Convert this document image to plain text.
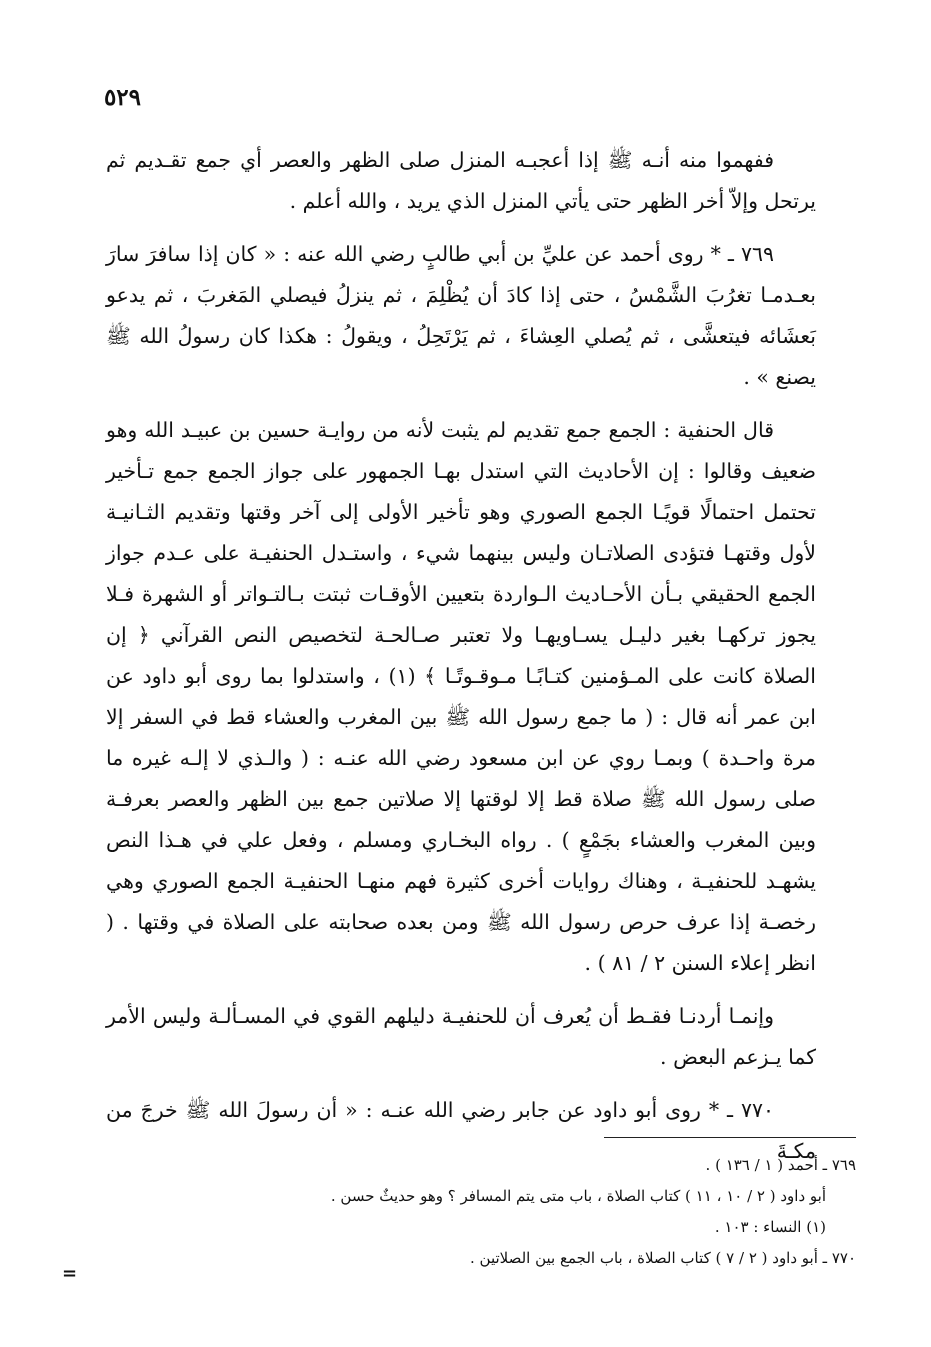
٥٢٩

ففهموا منه أنـه ﷺ إذا أعجبـه المنزل صلى الظهر والعصر أي جمع تقـديم ثم يرتحل وإلاّ أخر الظهر حتى يأتي المنزل الذي يريد ، والله أعلم .

٧٦٩ ـ * روى أحمد عن عليِّ بن أبي طالبٍ رضي الله عنه : « كان إذا سافرَ سارَ بعـدمـا تغرُبَ الشَّمْسُ ، حتى إذا كادَ أن يُظْلِمَ ، ثم ينزلُ فيصلي المَغربَ ، ثم يدعو بَعشَائه فيتعشَّى ، ثم يُصلي العِشاءَ ، ثم يَرْتَحِلُ ، ويقولُ : هكذا كان رسولُ الله ﷺ يصنع » .

قال الحنفية : الجمع جمع تقديم لم يثبت لأنه من روايـة حسين بن عبيـد الله وهو ضعيف وقالوا : إن الأحاديث التي استدل بهـا الجمهور على جواز الجمع جمع تـأخير تحتمل احتمالًا قويًـا الجمع الصوري وهو تأخير الأولى إلى آخر وقتها وتقديم الثـانيـة لأول وقتهـا فتؤدى الصلاتـان وليس بينهما شيء ، واستـدل الحنفيـة على عـدم جواز الجمع الحقيقي بـأن الأحـاديث الـواردة بتعيين الأوقـات ثبتت بـالتـواتر أو الشهرة فـلا يجوز تركهـا بغير دليـل يسـاويهـا ولا تعتبر صـالحـة لتخصيص النص القرآني ﴿ إن الصلاة كانت على المـؤمنين كتـابًـا مـوقـوتًـا ﴾ (١) ، واستدلوا بما روى أبو داود عن ابن عمر أنه قال : ( ما جمع رسول الله ﷺ بين المغرب والعشاء قط في السفر إلا مرة واحـدة ) وبمـا روي عن ابن مسعود رضي الله عنـه : ( والـذي لا إلـه غيره ما صلى رسول الله ﷺ صلاة قط إلا لوقتها إلا صلاتين جمع بين الظهر والعصر بعرفـة وبين المغرب والعشاء بجَمْعٍ ) . رواه البخـاري ومسلم ، وفعل علي في هـذا النص يشهـد للحنفيـة ، وهناك روايات أخرى كثيرة فهم منهـا الحنفيـة الجمع الصوري وهي رخصـة إذا عرف حرص رسول الله ﷺ ومن بعده صحابته على الصلاة في وقتها . ( انظر إعلاء السنن ٢ / ٨١ ) .

وإنمـا أردنـا فقـط أن يُعرف أن للحنفيـة دليلهم القوي في المسـألـة وليس الأمر كما يـزعم البعض .

٧٧٠ ـ * روى أبو داود عن جابر رضي الله عنـه : « أن رسولَ الله ﷺ خرجَ من مكـةَ

٧٦٩ ـ أحمد ( ١ / ١٣٦ ) .

أبو داود ( ٢ / ١٠ ، ١١ ) كتاب الصلاة ، باب متى يتم المسافر ؟ وهو حديثٌ حسن .

(١) النساء : ١٠٣ .

٧٧٠ ـ أبو داود ( ٢ / ٧ ) كتاب الصلاة ، باب الجمع بين الصلاتين .

=
